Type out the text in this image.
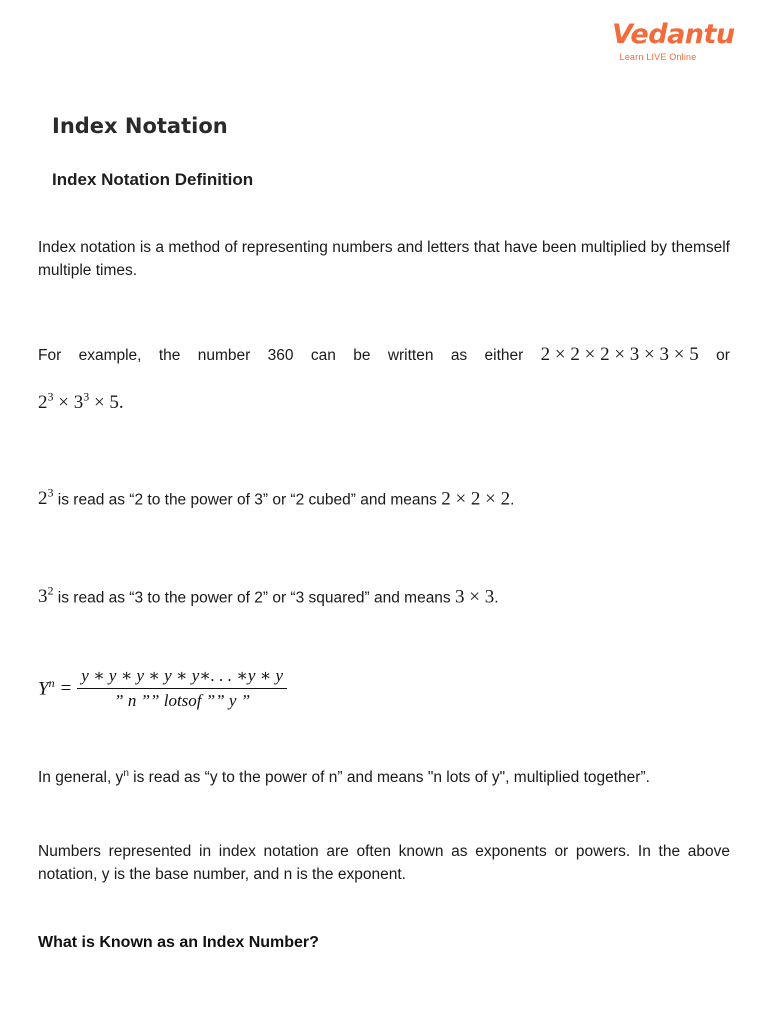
Vedantu
Learn LIVE Online
Index Notation
Index Notation Definition

Index notation is a method of representing numbers and letters that have been multiplied by themself multiple times.

For example, the number 360 can be written as either 2 × 2 × 2 × 3 × 3 × 5 or
$2^3 \times 3^3 \times 5$.
$2^3$ is read as “2 to the power of 3” or “2 cubed” and means 2 × 2 × 2.
$3^2$ is read as “3 to the power of 2” or “3 squared” and means 3 × 3.
$Y^n = \frac{y ∗ y ∗ y ∗ y ∗ y∗. . . ∗y ∗ y}{\text{” n ”” lotsof ”” y ”}}$
In general, $y^n$ is read as “y to the power of n” and means "n lots of y", multiplied together”.

Numbers represented in index notation are often known as exponents or powers. In the above notation, y is the base number, and n is the exponent.

What is Known as an Index Number?
